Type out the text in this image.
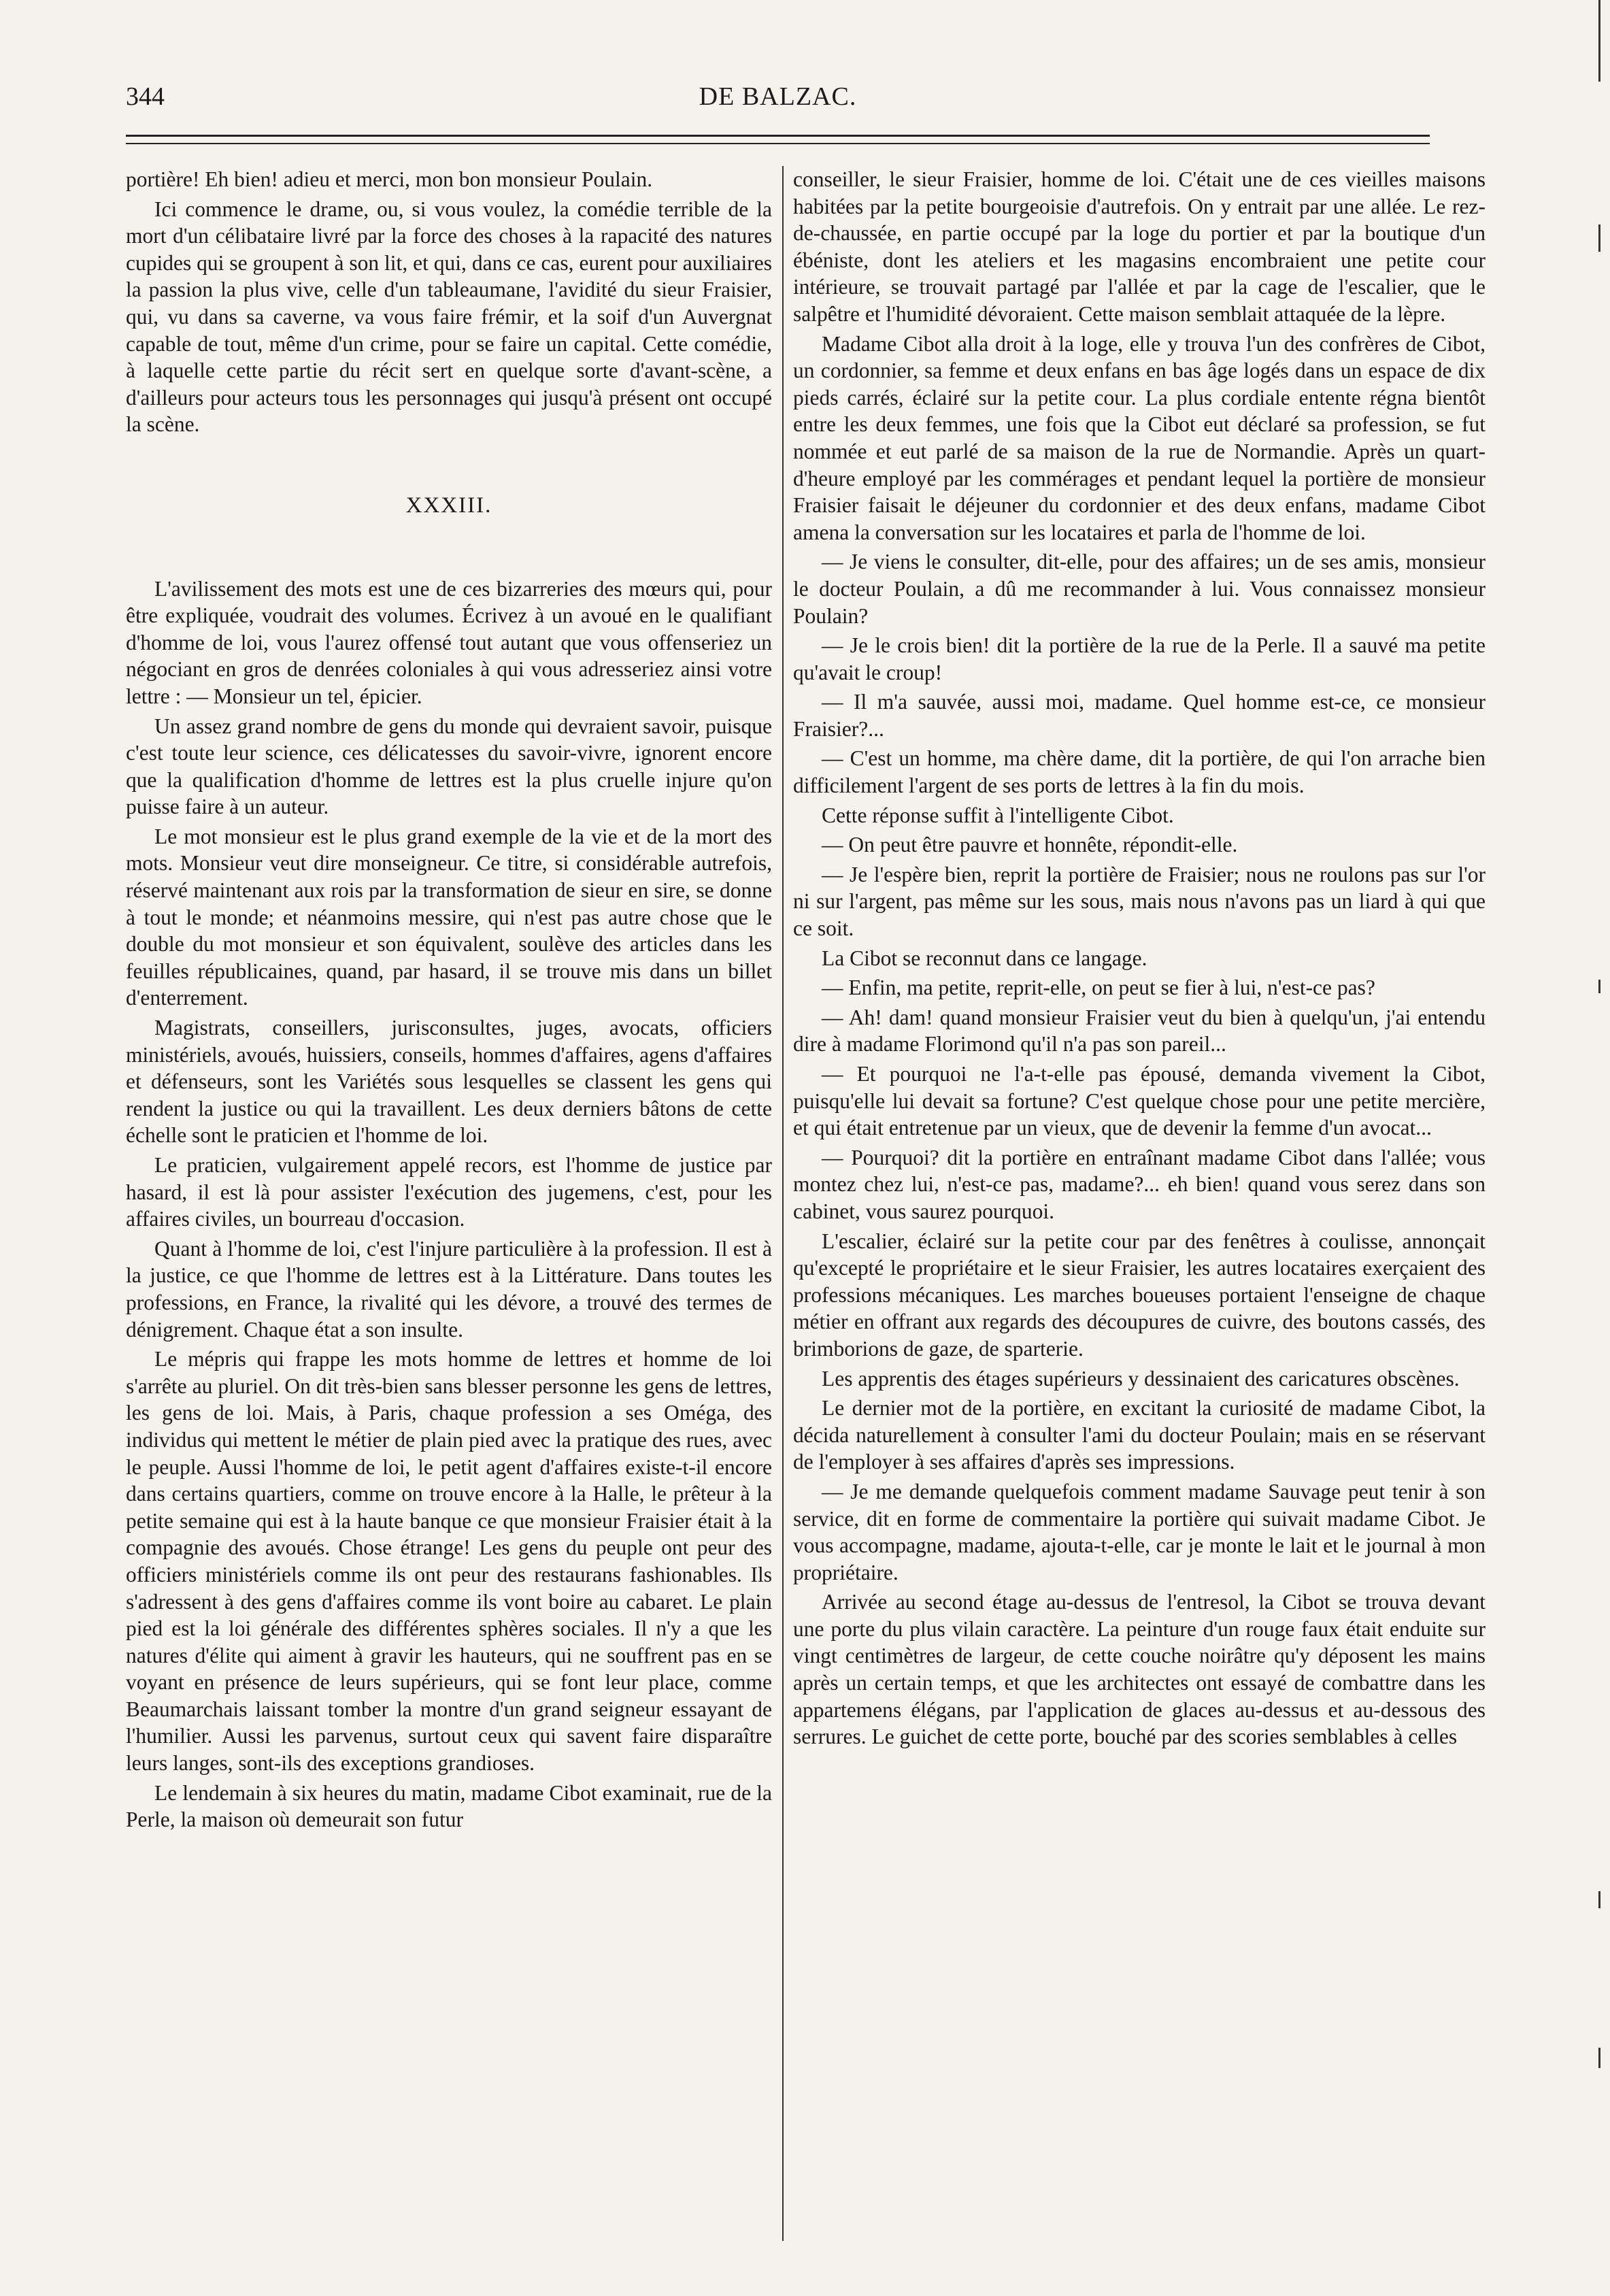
344	DE BALZAC.

portière! Eh bien! adieu et merci, mon bon monsieur Poulain.

Ici commence le drame, ou, si vous voulez, la comédie terrible de la mort d'un célibataire livré par la force des choses à la rapacité des natures cupides qui se groupent à son lit, et qui, dans ce cas, eurent pour auxiliaires la passion la plus vive, celle d'un tableaumane, l'avidité du sieur Fraisier, qui, vu dans sa caverne, va vous faire frémir, et la soif d'un Auvergnat capable de tout, même d'un crime, pour se faire un capital. Cette comédie, à laquelle cette partie du récit sert en quelque sorte d'avant-scène, a d'ailleurs pour acteurs tous les personnages qui jusqu'à présent ont occupé la scène.

XXXIII.

L'avilissement des mots est une de ces bizarreries des mœurs qui, pour être expliquée, voudrait des volumes. Écrivez à un avoué en le qualifiant d'homme de loi, vous l'aurez offensé tout autant que vous offenseriez un négociant en gros de denrées coloniales à qui vous adresseriez ainsi votre lettre : — Monsieur un tel, épicier.

Un assez grand nombre de gens du monde qui devraient savoir, puisque c'est toute leur science, ces délicatesses du savoir-vivre, ignorent encore que la qualification d'homme de lettres est la plus cruelle injure qu'on puisse faire à un auteur.

Le mot monsieur est le plus grand exemple de la vie et de la mort des mots. Monsieur veut dire monseigneur. Ce titre, si considérable autrefois, réservé maintenant aux rois par la transformation de sieur en sire, se donne à tout le monde; et néanmoins messire, qui n'est pas autre chose que le double du mot monsieur et son équivalent, soulève des articles dans les feuilles républicaines, quand, par hasard, il se trouve mis dans un billet d'enterrement.

Magistrats, conseillers, jurisconsultes, juges, avocats, officiers ministériels, avoués, huissiers, conseils, hommes d'affaires, agens d'affaires et défenseurs, sont les Variétés sous lesquelles se classent les gens qui rendent la justice ou qui la travaillent. Les deux derniers bâtons de cette échelle sont le praticien et l'homme de loi.

Le praticien, vulgairement appelé recors, est l'homme de justice par hasard, il est là pour assister l'exécution des jugemens, c'est, pour les affaires civiles, un bourreau d'occasion.

Quant à l'homme de loi, c'est l'injure particulière à la profession. Il est à la justice, ce que l'homme de lettres est à la Littérature. Dans toutes les professions, en France, la rivalité qui les dévore, a trouvé des termes de dénigrement. Chaque état a son insulte.

Le mépris qui frappe les mots homme de lettres et homme de loi s'arrête au pluriel. On dit très-bien sans blesser personne les gens de lettres, les gens de loi. Mais, à Paris, chaque profession a ses Oméga, des individus qui mettent le métier de plain pied avec la pratique des rues, avec le peuple. Aussi l'homme de loi, le petit agent d'affaires existe-t-il encore dans certains quartiers, comme on trouve encore à la Halle, le prêteur à la petite semaine qui est à la haute banque ce que monsieur Fraisier était à la compagnie des avoués. Chose étrange! Les gens du peuple ont peur des officiers ministériels comme ils ont peur des restaurans fashionables. Ils s'adressent à des gens d'affaires comme ils vont boire au cabaret. Le plain pied est la loi générale des différentes sphères sociales. Il n'y a que les natures d'élite qui aiment à gravir les hauteurs, qui ne souffrent pas en se voyant en présence de leurs supérieurs, qui se font leur place, comme Beaumarchais laissant tomber la montre d'un grand seigneur essayant de l'humilier. Aussi les parvenus, surtout ceux qui savent faire disparaître leurs langes, sont-ils des exceptions grandioses.

Le lendemain à six heures du matin, madame Cibot examinait, rue de la Perle, la maison où demeurait son futur

conseiller, le sieur Fraisier, homme de loi. C'était une de ces vieilles maisons habitées par la petite bourgeoisie d'autrefois. On y entrait par une allée. Le rez-de-chaussée, en partie occupé par la loge du portier et par la boutique d'un ébéniste, dont les ateliers et les magasins encombraient une petite cour intérieure, se trouvait partagé par l'allée et par la cage de l'escalier, que le salpêtre et l'humidité dévoraient. Cette maison semblait attaquée de la lèpre.

Madame Cibot alla droit à la loge, elle y trouva l'un des confrères de Cibot, un cordonnier, sa femme et deux enfans en bas âge logés dans un espace de dix pieds carrés, éclairé sur la petite cour. La plus cordiale entente régna bientôt entre les deux femmes, une fois que la Cibot eut déclaré sa profession, se fut nommée et eut parlé de sa maison de la rue de Normandie. Après un quart-d'heure employé par les commérages et pendant lequel la portière de monsieur Fraisier faisait le déjeuner du cordonnier et des deux enfans, madame Cibot amena la conversation sur les locataires et parla de l'homme de loi.

— Je viens le consulter, dit-elle, pour des affaires; un de ses amis, monsieur le docteur Poulain, a dû me recommander à lui. Vous connaissez monsieur Poulain?

— Je le crois bien! dit la portière de la rue de la Perle. Il a sauvé ma petite qu'avait le croup!

— Il m'a sauvée, aussi moi, madame. Quel homme est-ce, ce monsieur Fraisier?...

— C'est un homme, ma chère dame, dit la portière, de qui l'on arrache bien difficilement l'argent de ses ports de lettres à la fin du mois.

Cette réponse suffit à l'intelligente Cibot.

— On peut être pauvre et honnête, répondit-elle.

— Je l'espère bien, reprit la portière de Fraisier; nous ne roulons pas sur l'or ni sur l'argent, pas même sur les sous, mais nous n'avons pas un liard à qui que ce soit.

La Cibot se reconnut dans ce langage.

— Enfin, ma petite, reprit-elle, on peut se fier à lui, n'est-ce pas?

— Ah! dam! quand monsieur Fraisier veut du bien à quelqu'un, j'ai entendu dire à madame Florimond qu'il n'a pas son pareil...

— Et pourquoi ne l'a-t-elle pas épousé, demanda vivement la Cibot, puisqu'elle lui devait sa fortune? C'est quelque chose pour une petite mercière, et qui était entretenue par un vieux, que de devenir la femme d'un avocat...

— Pourquoi? dit la portière en entraînant madame Cibot dans l'allée; vous montez chez lui, n'est-ce pas, madame?... eh bien! quand vous serez dans son cabinet, vous saurez pourquoi.

L'escalier, éclairé sur la petite cour par des fenêtres à coulisse, annonçait qu'excepté le propriétaire et le sieur Fraisier, les autres locataires exerçaient des professions mécaniques. Les marches boueuses portaient l'enseigne de chaque métier en offrant aux regards des découpures de cuivre, des boutons cassés, des brimborions de gaze, de sparterie.

Les apprentis des étages supérieurs y dessinaient des caricatures obscènes.

Le dernier mot de la portière, en excitant la curiosité de madame Cibot, la décida naturellement à consulter l'ami du docteur Poulain; mais en se réservant de l'employer à ses affaires d'après ses impressions.

— Je me demande quelquefois comment madame Sauvage peut tenir à son service, dit en forme de commentaire la portière qui suivait madame Cibot. Je vous accompagne, madame, ajouta-t-elle, car je monte le lait et le journal à mon propriétaire.

Arrivée au second étage au-dessus de l'entresol, la Cibot se trouva devant une porte du plus vilain caractère. La peinture d'un rouge faux était enduite sur vingt centimètres de largeur, de cette couche noirâtre qu'y déposent les mains après un certain temps, et que les architectes ont essayé de combattre dans les appartemens élégans, par l'application de glaces au-dessus et au-dessous des serrures. Le guichet de cette porte, bouché par des scories semblables à celles
